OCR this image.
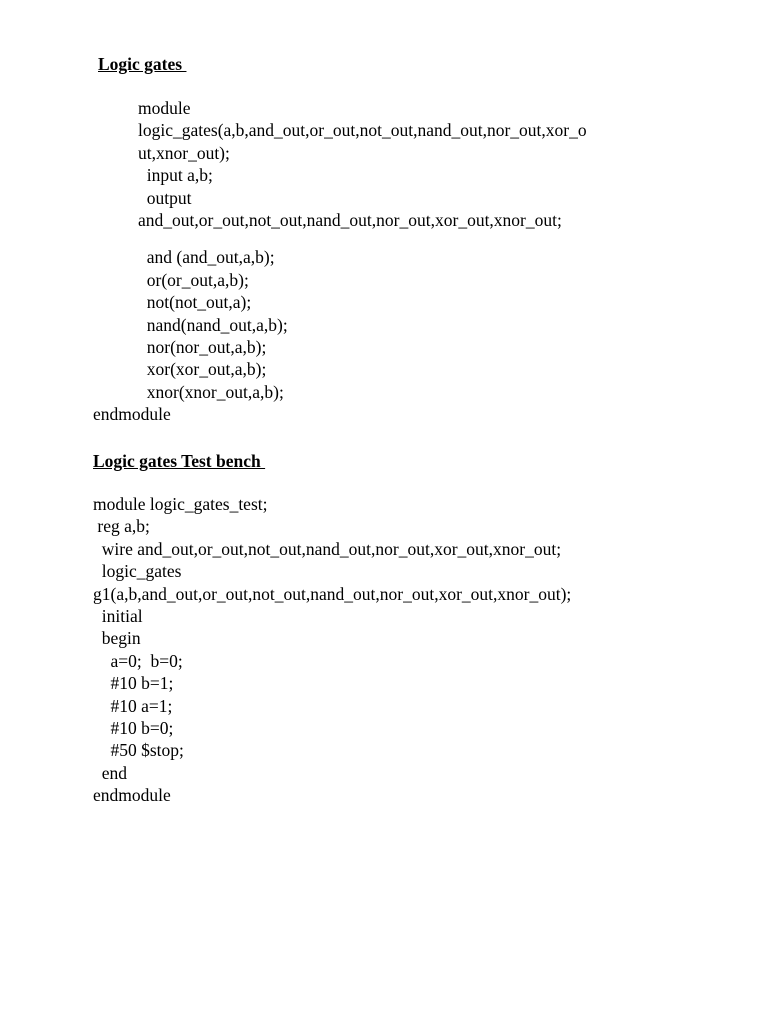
Logic gates
module
logic_gates(a,b,and_out,or_out,not_out,nand_out,nor_out,xor_o
ut,xnor_out);
input a,b;
output
and_out,or_out,not_out,nand_out,nor_out,xor_out,xnor_out;
and (and_out,a,b);
or(or_out,a,b);
not(not_out,a);
nand(nand_out,a,b);
nor(nor_out,a,b);
xor(xor_out,a,b);
xnor(xnor_out,a,b);
endmodule
Logic gates Test bench
module logic_gates_test;
reg a,b;
wire and_out,or_out,not_out,nand_out,nor_out,xor_out,xnor_out;
logic_gates
g1(a,b,and_out,or_out,not_out,nand_out,nor_out,xor_out,xnor_out);
initial
begin
a=0;  b=0;
#10 b=1;
#10 a=1;
#10 b=0;
#50 $stop;
end
endmodule
